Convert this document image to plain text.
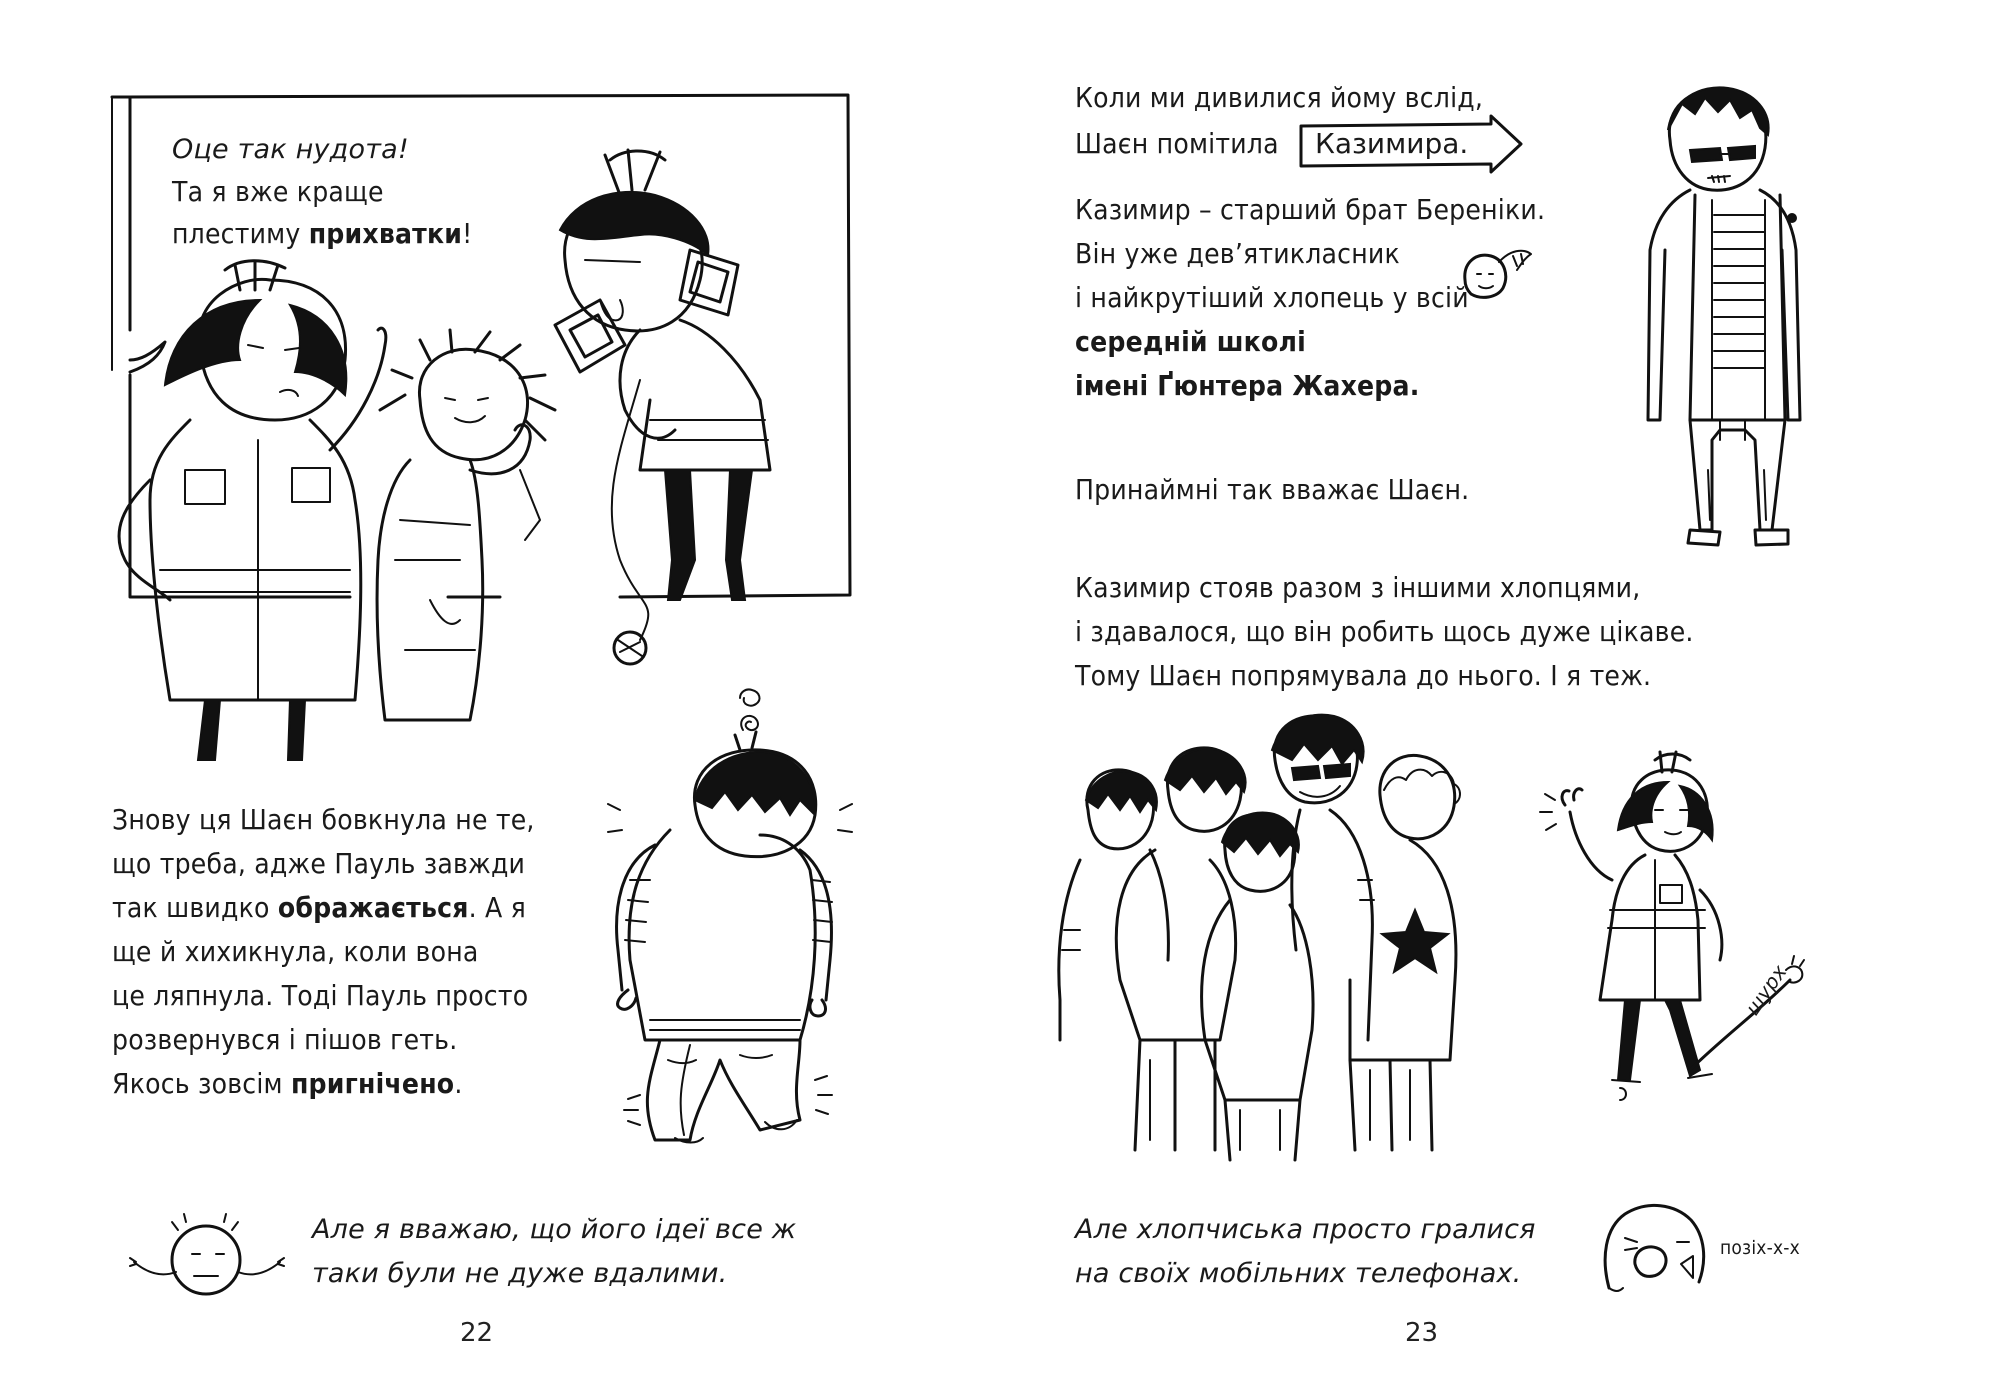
Оце так нудота!
Та я вже краще
плестиму прихватки!
Знову ця Шаєн бовкнула не те,
що треба, адже Пауль завжди
так швидко ображається. А я
ще й хихикнула, коли вона
це ляпнула. Тоді Пауль просто
розвернувся і пішов геть.
Якось зовсім пригнічено.
Але я вважаю, що його ідеї все ж
таки були не дуже вдалими.
22
Коли ми дивилися йому вслід,
Шаєн помітила Казимира.
Казимир – старший брат Береніки.
Він уже дев’ятикласник
і найкрутіший хлопець у всій
середній школі
імені Ґюнтера Жахера.
Принаймні так вважає Шаєн.
Казимир стояв разом з іншими хлопцями,
і здавалося, що він робить щось дуже цікаве.
Тому Шаєн попрямувала до нього. І я теж.
шурх
Але хлопчиська просто гралися
на своїх мобільних телефонах.
позіх-х-х
23
